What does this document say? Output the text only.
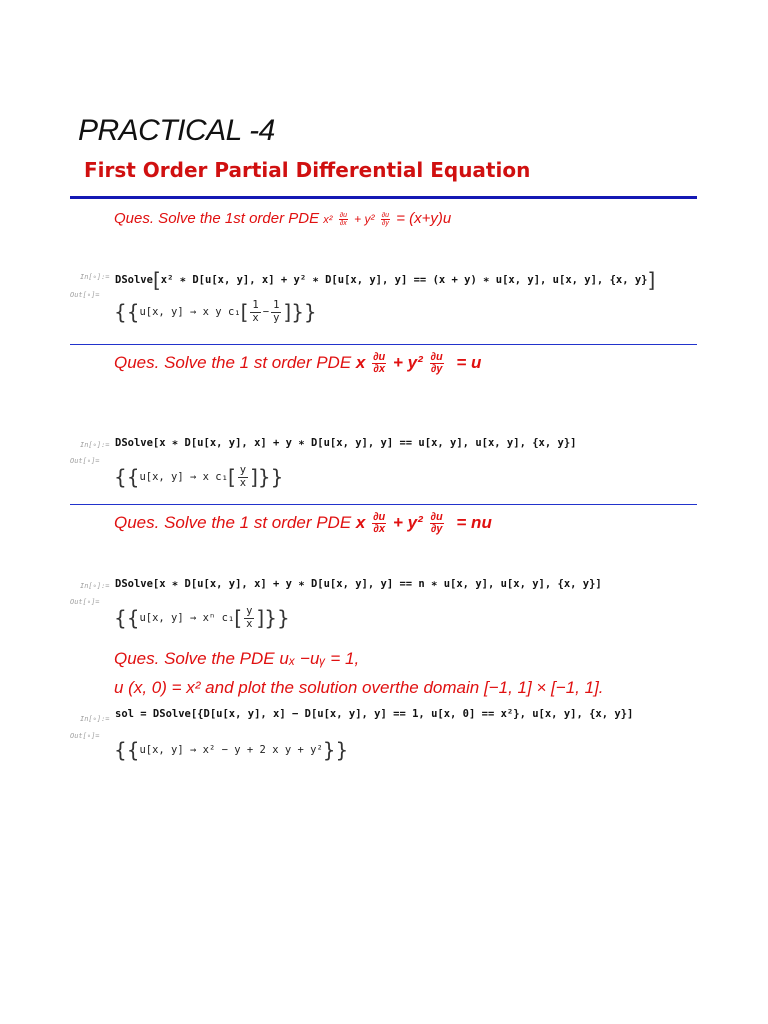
PRACTICAL -4
First Order Partial Differential Equation
Ques. Solve the 1st order PDE $x^2 \frac{\partial u}{\partial x} + y^2 \frac{\partial u}{\partial y} = (x+y)u$
In[∘]:= DSolve[x² ∗ D[u[x, y], x] + y² ∗ D[u[x, y], y] == (x + y) ∗ u[x, y], u[x, y], {x, y}]
Out[∘]=
{{u[x, y] → x y $c_1[ \frac{1}{x} - \frac{1}{y}$ ]}}
Ques. Solve the 1 st order PDE x $\frac{\partial u}{\partial x} + y^2 \frac{\partial u}{\partial y} = u$
In[∘]:= DSolve[x ∗ D[u[x, y], x] + y ∗ D[u[x, y], y] == u[x, y], u[x, y], {x, y}]
Out[∘]=
{{u[x, y] → x $c_1[ \frac{y}{x}$ ]}}
Ques. Solve the 1 st order PDE x $\frac{\partial u}{\partial x} + y^2 \frac{\partial u}{\partial y}$ = nu
In[∘]:= DSolve[x ∗ D[u[x, y], x] + y ∗ D[u[x, y], y] == n ∗ u[x, y], u[x, y], {x, y}]
Out[∘]=
{{u[x, y] → xⁿ $c_1[ \frac{y}{x}$ ]}}
Ques. Solve the PDE uₓ −uᵧ = 1,
u (x, 0) = x² and plot the solution overthe domain [−1, 1] × [−1, 1].
In[∘]:= sol = DSolve[{D[u[x, y], x] − D[u[x, y], y] == 1, u[x, 0] == x²}, u[x, y], {x, y}]
Out[∘]=
{{u[x, y] → x² − y + 2 x y + y²}}
